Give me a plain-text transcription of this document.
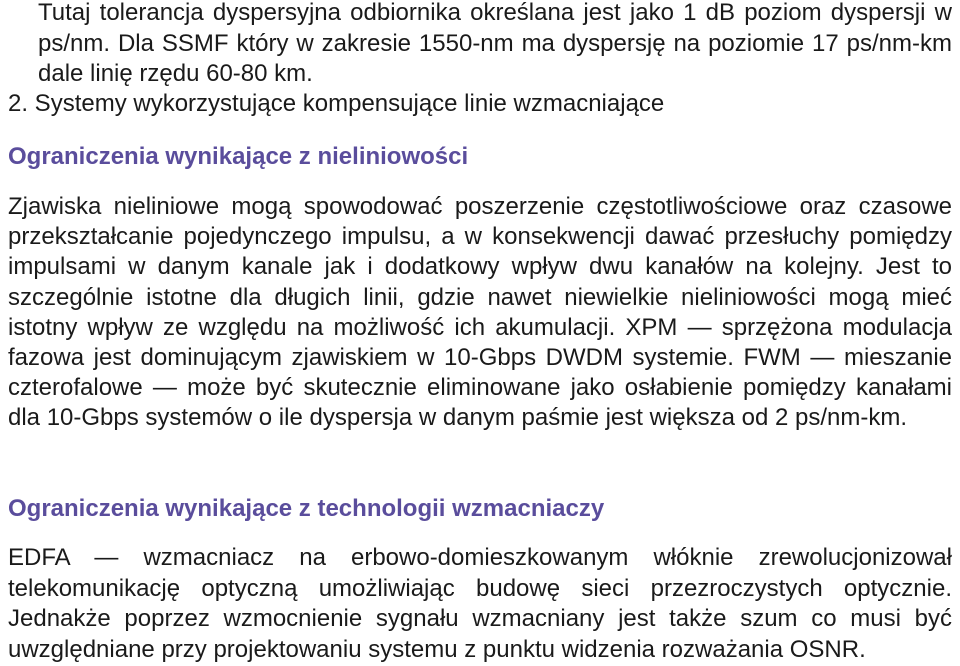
Tutaj tolerancja dyspersyjna odbiornika określana jest jako 1 dB poziom dyspersji w ps/nm. Dla SSMF który w zakresie 1550-nm ma dyspersję na poziomie 17 ps/nm-km dale linię rzędu 60-80 km.

2. Systemy wykorzystujące kompensujące linie wzmacniające

Ograniczenia wynikające z nieliniowości

Zjawiska nieliniowe mogą spowodować poszerzenie częstotliwościowe oraz czasowe przekształcanie pojedynczego impulsu, a w konsekwencji dawać przesłuchy pomiędzy impulsami w danym kanale jak i dodatkowy wpływ dwu kanałów na kolejny. Jest to szczególnie istotne dla długich linii, gdzie nawet niewielkie nieliniowości mogą mieć istotny wpływ ze względu na możliwość ich akumulacji. XPM — sprzężona modulacja fazowa jest dominującym zjawiskiem w 10-Gbps DWDM systemie. FWM — mieszanie czterofalowe — może być skutecznie eliminowane jako osłabienie pomiędzy kanałami dla 10-Gbps systemów o ile dyspersja w danym paśmie jest większa od 2 ps/nm-km.

Ograniczenia wynikające z technologii wzmacniaczy

EDFA — wzmacniacz na erbowo-domieszkowanym włóknie zrewolucjonizował telekomunikację optyczną umożliwiając budowę sieci przezroczystych optycznie. Jednakże poprzez wzmocnienie sygnału wzmacniany jest także szum co musi być uwzględniane przy projektowaniu systemu z punktu widzenia rozważania OSNR.
